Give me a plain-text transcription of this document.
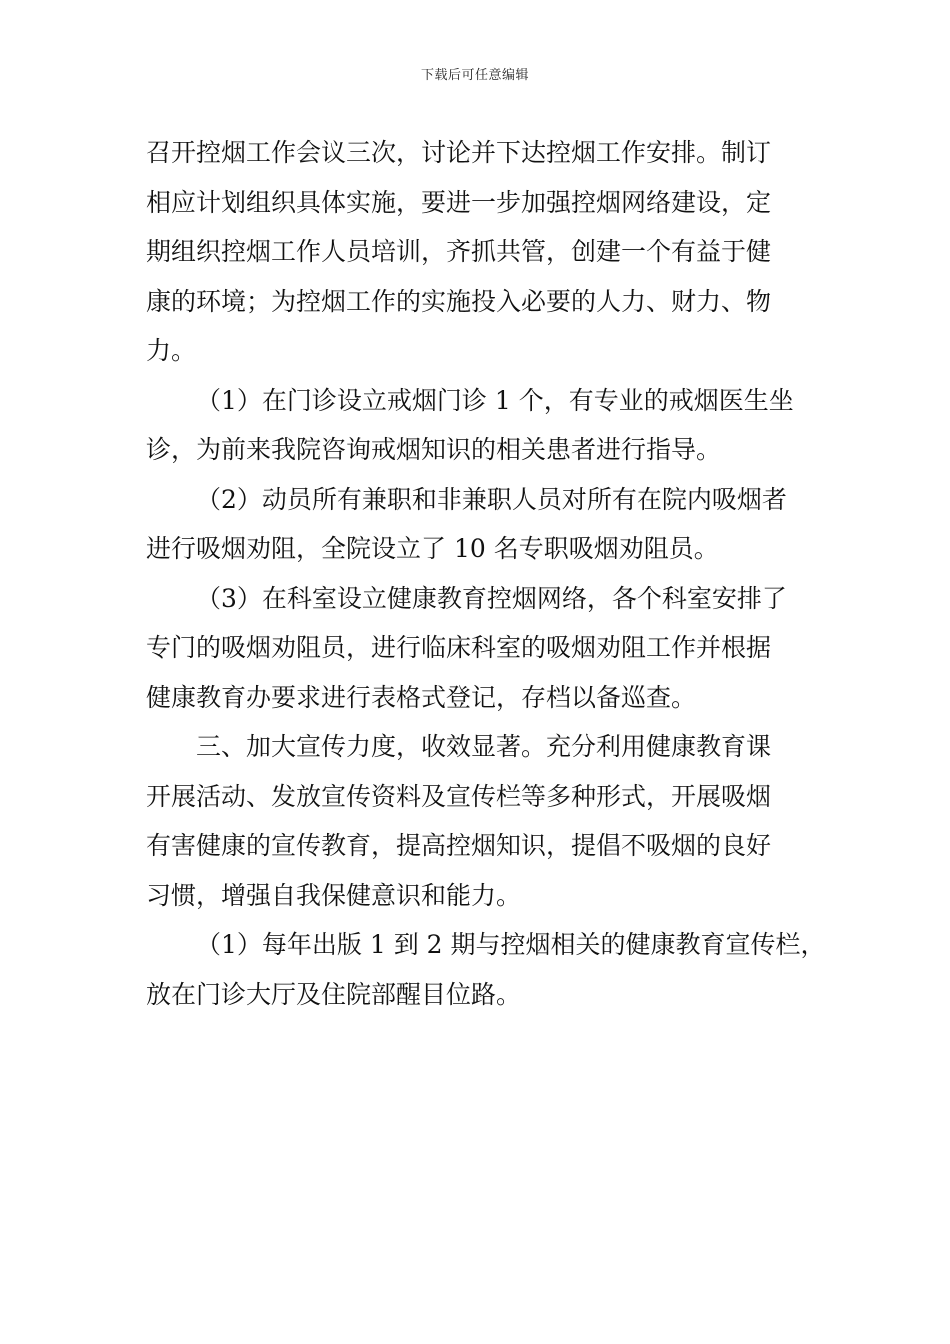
下载后可任意编辑

召开控烟工作会议三次，讨论并下达控烟工作安排。制订
相应计划组织具体实施，要进一步加强控烟网络建设，定
期组织控烟工作人员培训，齐抓共管，创建一个有益于健
康的环境；为控烟工作的实施投入必要的人力、财力、物
力。

（1）在门诊设立戒烟门诊 1 个，有专业的戒烟医生坐
诊，为前来我院咨询戒烟知识的相关患者进行指导。

（2）动员所有兼职和非兼职人员对所有在院内吸烟者
进行吸烟劝阻，全院设立了 10 名专职吸烟劝阻员。

（3）在科室设立健康教育控烟网络，各个科室安排了
专门的吸烟劝阻员，进行临床科室的吸烟劝阻工作并根据
健康教育办要求进行表格式登记，存档以备巡查。

三、加大宣传力度，收效显著。充分利用健康教育课
开展活动、发放宣传资料及宣传栏等多种形式，开展吸烟
有害健康的宣传教育，提高控烟知识，提倡不吸烟的良好
习惯，增强自我保健意识和能力。

（1）每年出版 1 到 2 期与控烟相关的健康教育宣传栏，
放在门诊大厅及住院部醒目位路。
